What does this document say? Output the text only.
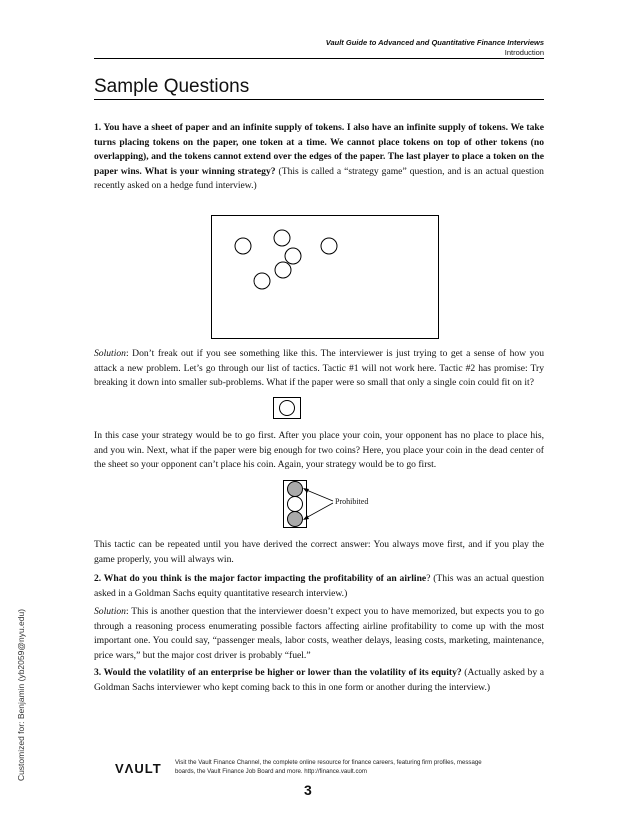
Vault Guide to Advanced and Quantitative Finance Interviews
Introduction
Sample Questions

1. You have a sheet of paper and an infinite supply of tokens. I also have an infinite supply of tokens. We take turns placing tokens on the paper, one token at a time. We cannot place tokens on top of other tokens (no overlapping), and the tokens cannot extend over the edges of the paper. The last player to place a token on the paper wins. What is your winning strategy? (This is called a “strategy game” question, and is an actual question recently asked on a hedge fund interview.)

Solution: Don’t freak out if you see something like this. The interviewer is just trying to get a sense of how you attack a new problem. Let’s go through our list of tactics. Tactic #1 will not work here. Tactic #2 has promise: Try breaking it down into smaller sub-problems. What if the paper were so small that only a single coin could fit on it?

In this case your strategy would be to go first. After you place your coin, your opponent has no place to place his, and you win. Next, what if the paper were big enough for two coins? Here, you place your coin in the dead center of the sheet so your opponent can’t place his coin. Again, your strategy would be to go first.

Prohibited

This tactic can be repeated until you have derived the correct answer: You always move first, and if you play the game properly, you will always win.

2. What do you think is the major factor impacting the profitability of an airline? (This was an actual question asked in a Goldman Sachs equity quantitative research interview.)

Solution: This is another question that the interviewer doesn’t expect you to have memorized, but expects you to go through a reasoning process enumerating possible factors affecting airline profitability to come up with the most important one. You could say, “passenger meals, labor costs, weather delays, leasing costs, marketing, maintenance, price wars,” but the major cost driver is probably “fuel.”

3. Would the volatility of an enterprise be higher or lower than the volatility of its equity? (Actually asked by a Goldman Sachs interviewer who kept coming back to this in one form or another during the interview.)

Customized for: Benjamin (yb2059@nyu.edu)	VΛULT Visit the Vault Finance Channel, the complete online resource for finance careers, featuring firm profiles, message boards, the Vault Finance Job Board and more. http://finance.vault.com
3
